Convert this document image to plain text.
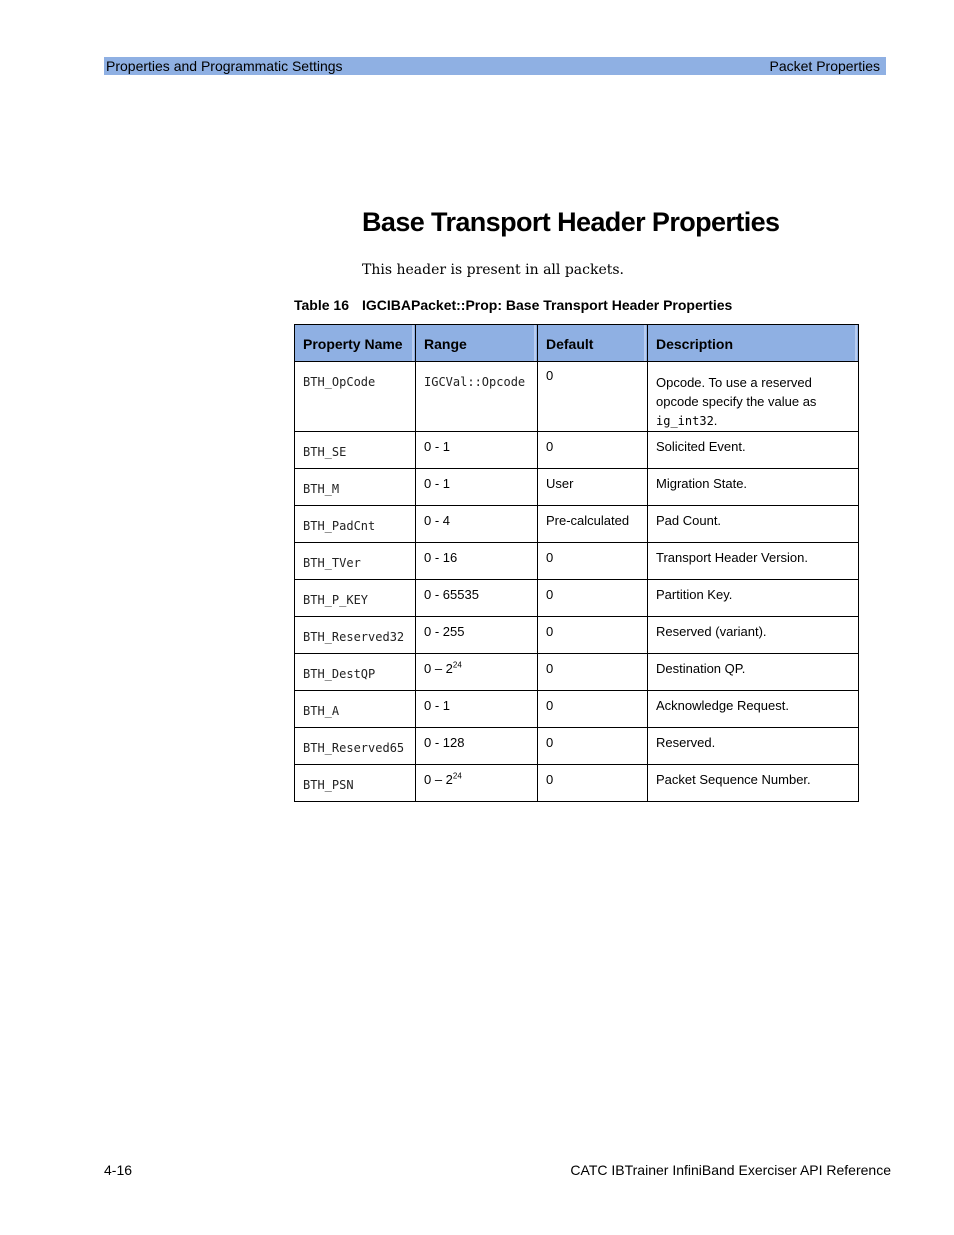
Properties and Programmatic Settings	Packet Properties
Base Transport Header Properties
This header is present in all packets.
Table 16 IGCIBAPacket::Prop: Base Transport Header Properties
Property Name	Range	Default	Description

BTH_OpCode	IGCVal::Opcode	0	Opcode. To use a reserved opcode specify the value as ig_int32.

BTH_SE	0 - 1	0	Solicited Event.

BTH_M	0 - 1	User	Migration State.

BTH_PadCnt	0 - 4	Pre-calculated	Pad Count.

BTH_TVer	0 - 16	0	Transport Header Version.

BTH_P_KEY	0 - 65535	0	Partition Key.

BTH_Reserved32	0 - 255	0	Reserved (variant).

BTH_DestQP	$0 - 2^{24}$	0	Destination QP.

BTH_A	0 - 1	0	Acknowledge Request.

BTH_Reserved65	0 - 128	0	Reserved.

BTH_PSN	$0 - 2^{24}$	0	Packet Sequence Number.
4-16	CATC IBTrainer InfiniBand Exerciser API Reference
